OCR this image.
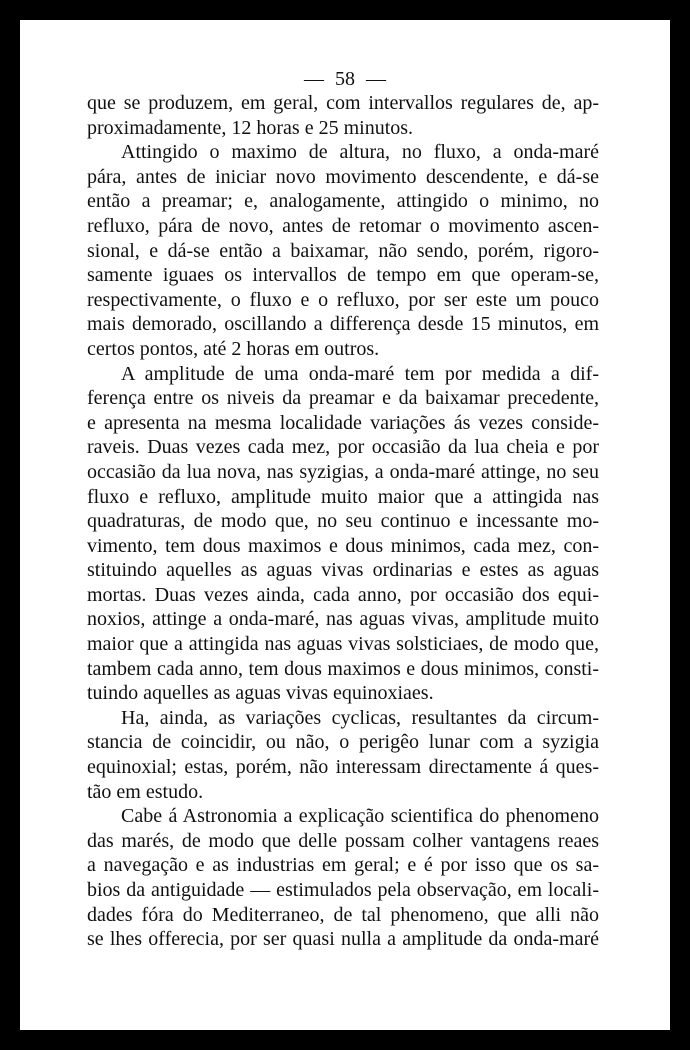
— 58 —

que se produzem, em geral, com intervallos regulares de, ap-

proximadamente, 12 horas e 25 minutos.

Attingido o maximo de altura, no fluxo, a onda-maré

pára, antes de iniciar novo movimento descendente, e dá-se

então a preamar; e, analogamente, attingido o minimo, no

refluxo, pára de novo, antes de retomar o movimento ascen-

sional, e dá-se então a baixamar, não sendo, porém, rigoro-

samente iguaes os intervallos de tempo em que operam-se,

respectivamente, o fluxo e o refluxo, por ser este um pouco

mais demorado, oscillando a differença desde 15 minutos, em

certos pontos, até 2 horas em outros.

A amplitude de uma onda-maré tem por medida a dif-

ferença entre os niveis da preamar e da baixamar precedente,

e apresenta na mesma localidade variações ás vezes conside-

raveis. Duas vezes cada mez, por occasião da lua cheia e por

occasião da lua nova, nas syzigias, a onda-maré attinge, no seu

fluxo e refluxo, amplitude muito maior que a attingida nas

quadraturas, de modo que, no seu continuo e incessante mo-

vimento, tem dous maximos e dous minimos, cada mez, con-

stituindo aquelles as aguas vivas ordinarias e estes as aguas

mortas. Duas vezes ainda, cada anno, por occasião dos equi-

noxios, attinge a onda-maré, nas aguas vivas, amplitude muito

maior que a attingida nas aguas vivas solsticiaes, de modo que,

tambem cada anno, tem dous maximos e dous minimos, consti-

tuindo aquelles as aguas vivas equinoxiaes.

Ha, ainda, as variações cyclicas, resultantes da circum-

stancia de coincidir, ou não, o perigêo lunar com a syzigia

equinoxial; estas, porém, não interessam directamente á ques-

tão em estudo.

Cabe á Astronomia a explicação scientifica do phenomeno

das marés, de modo que delle possam colher vantagens reaes

a navegação e as industrias em geral; e é por isso que os sa-

bios da antiguidade — estimulados pela observação, em locali-

dades fóra do Mediterraneo, de tal phenomeno, que alli não

se lhes offerecia, por ser quasi nulla a amplitude da onda-maré
